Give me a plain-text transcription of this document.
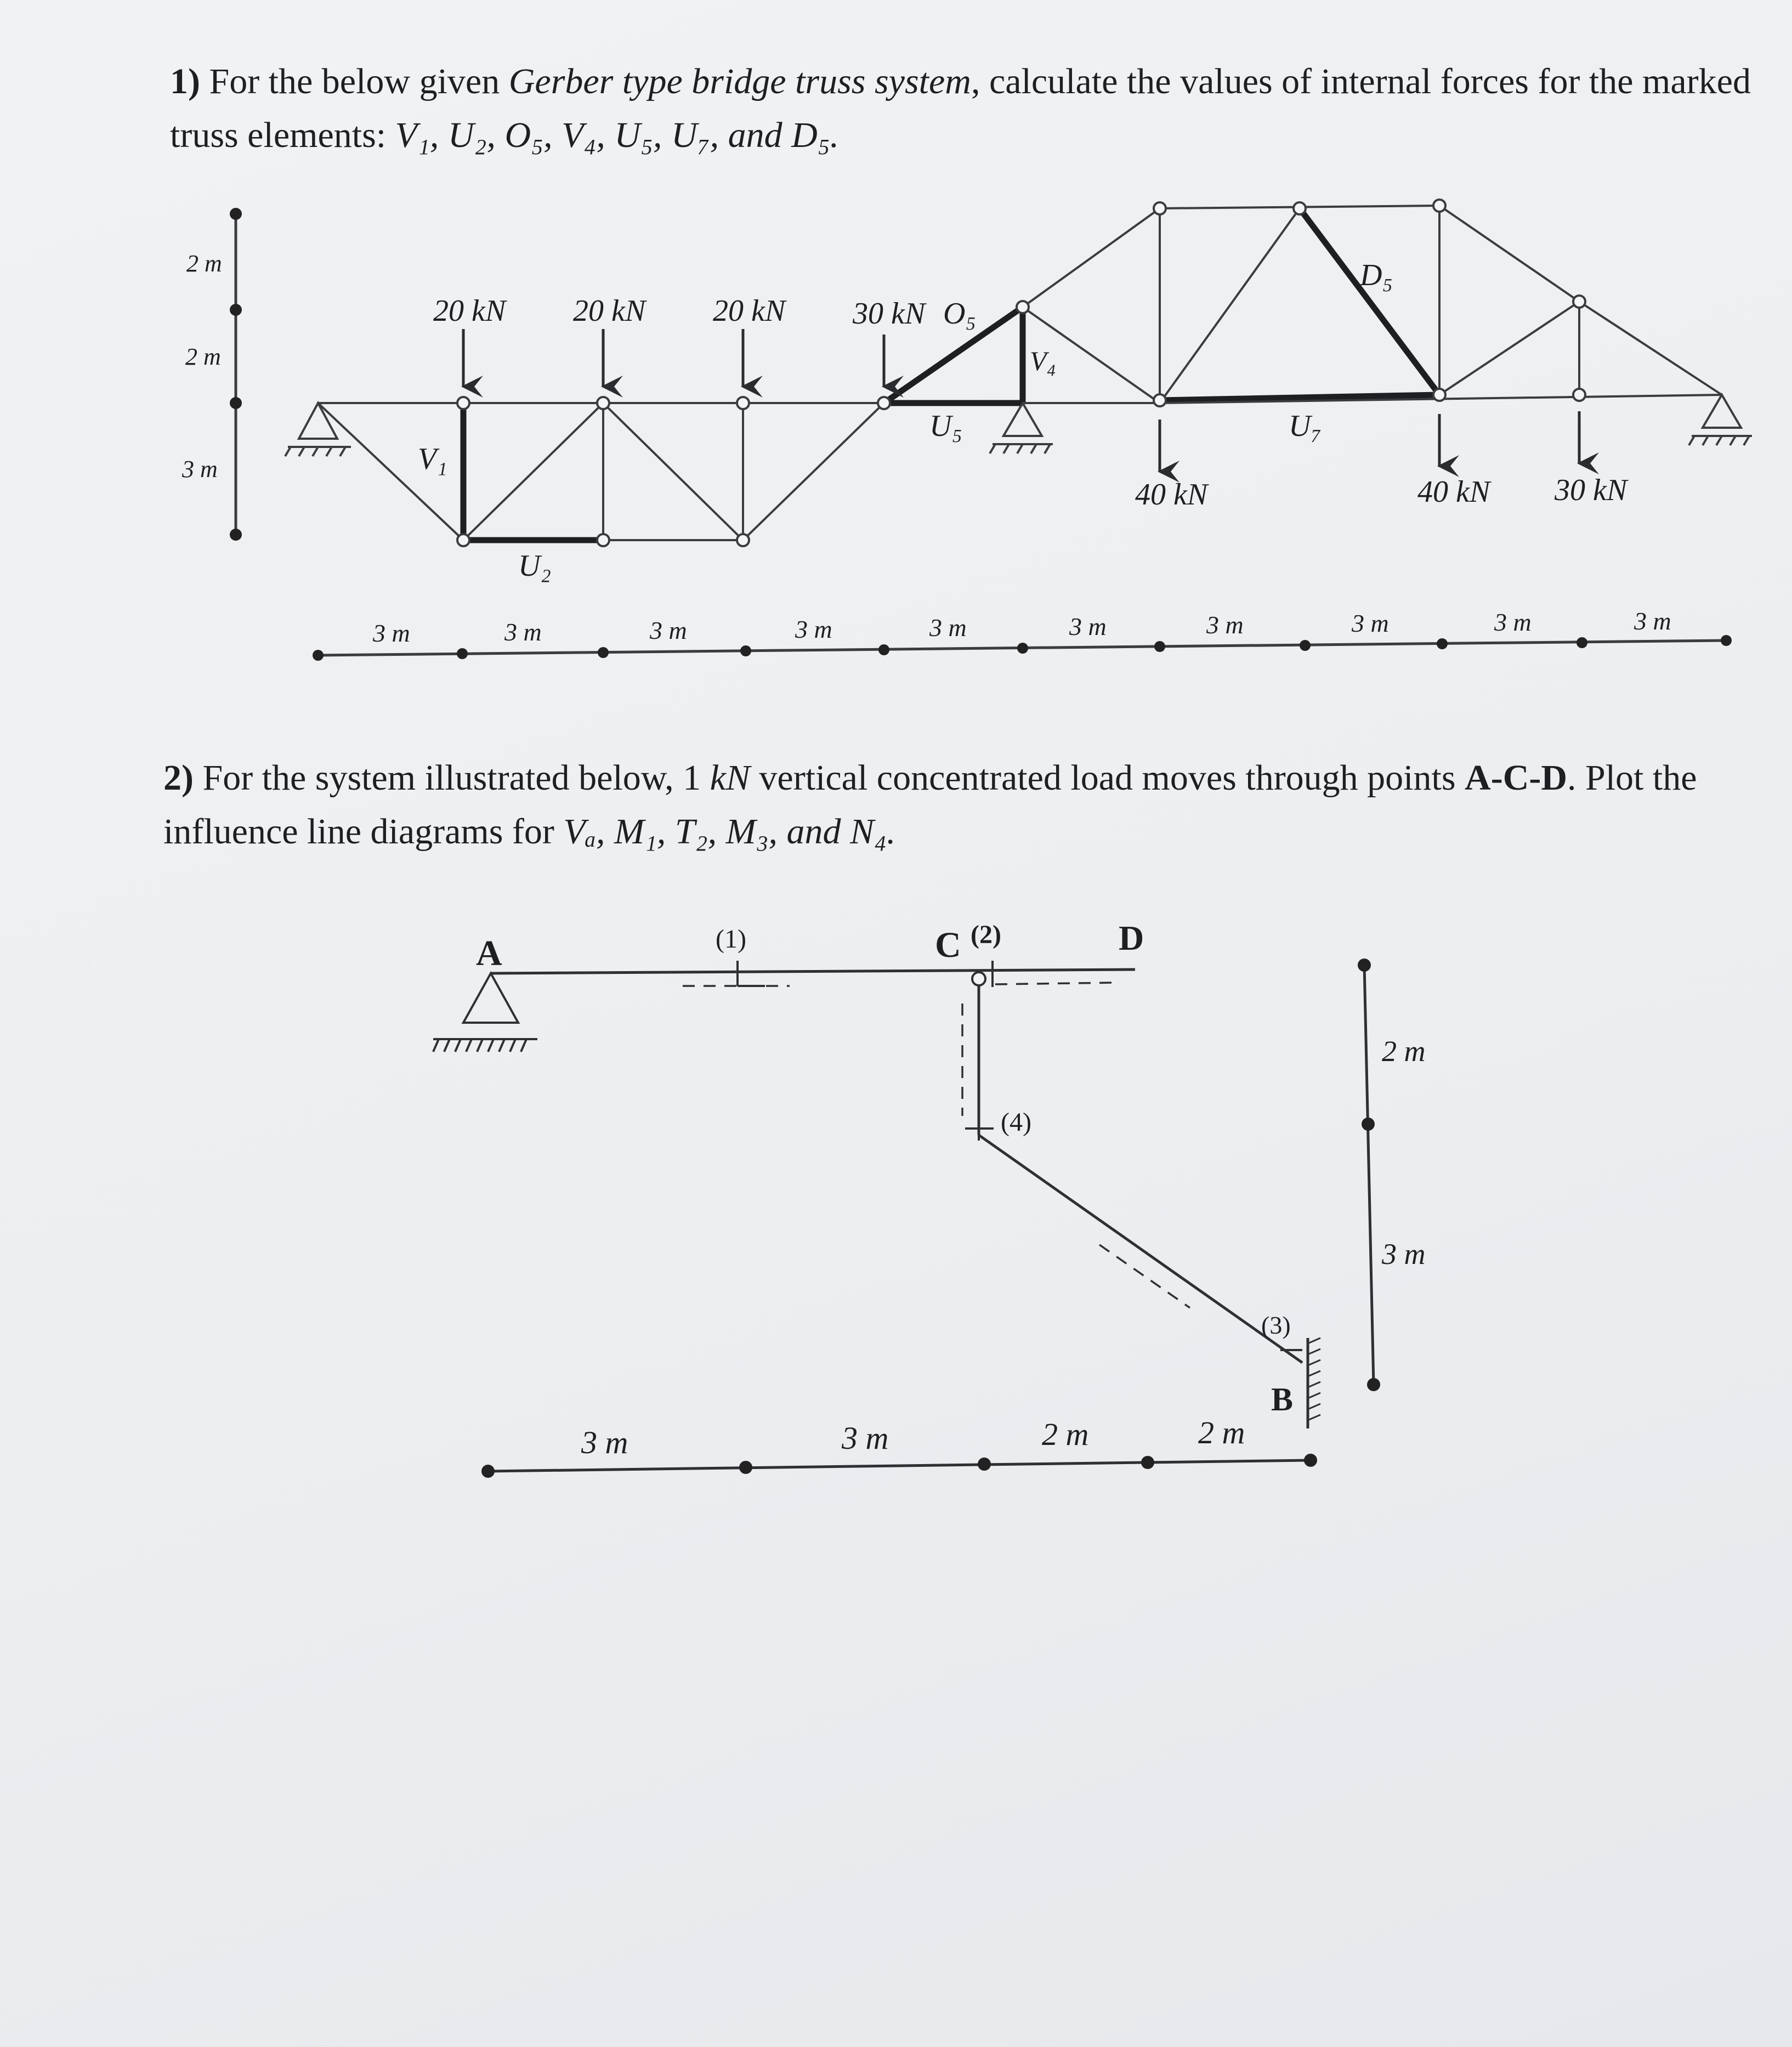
1) For the below given Gerber type bridge truss system, calculate the values of internal forces for the marked truss elements: V₁, U₂, O₅, V₄, U₅, U₇, and D₅.

2) For the system illustrated below, 1 kN vertical concentrated load moves through points A-C-D. Plot the influence line diagrams for Vₐ, M₁, T₂, M₃, and N₄.

2 m
2 m
3 m
20 kN 20 kN 20 kN 30 kN O₅
40 kN	40 kN 30 kN
V₁
U₂
V₄
U₅	U₇
D₅
3 m	3 m	3 m	3 m	3 m	3 m	3 m	3 m	3 m	3 m
A	C	D
B
(1)	(2)
(3)
(4)
2 m
3 m
3 m	3 m	2 m	2 m
